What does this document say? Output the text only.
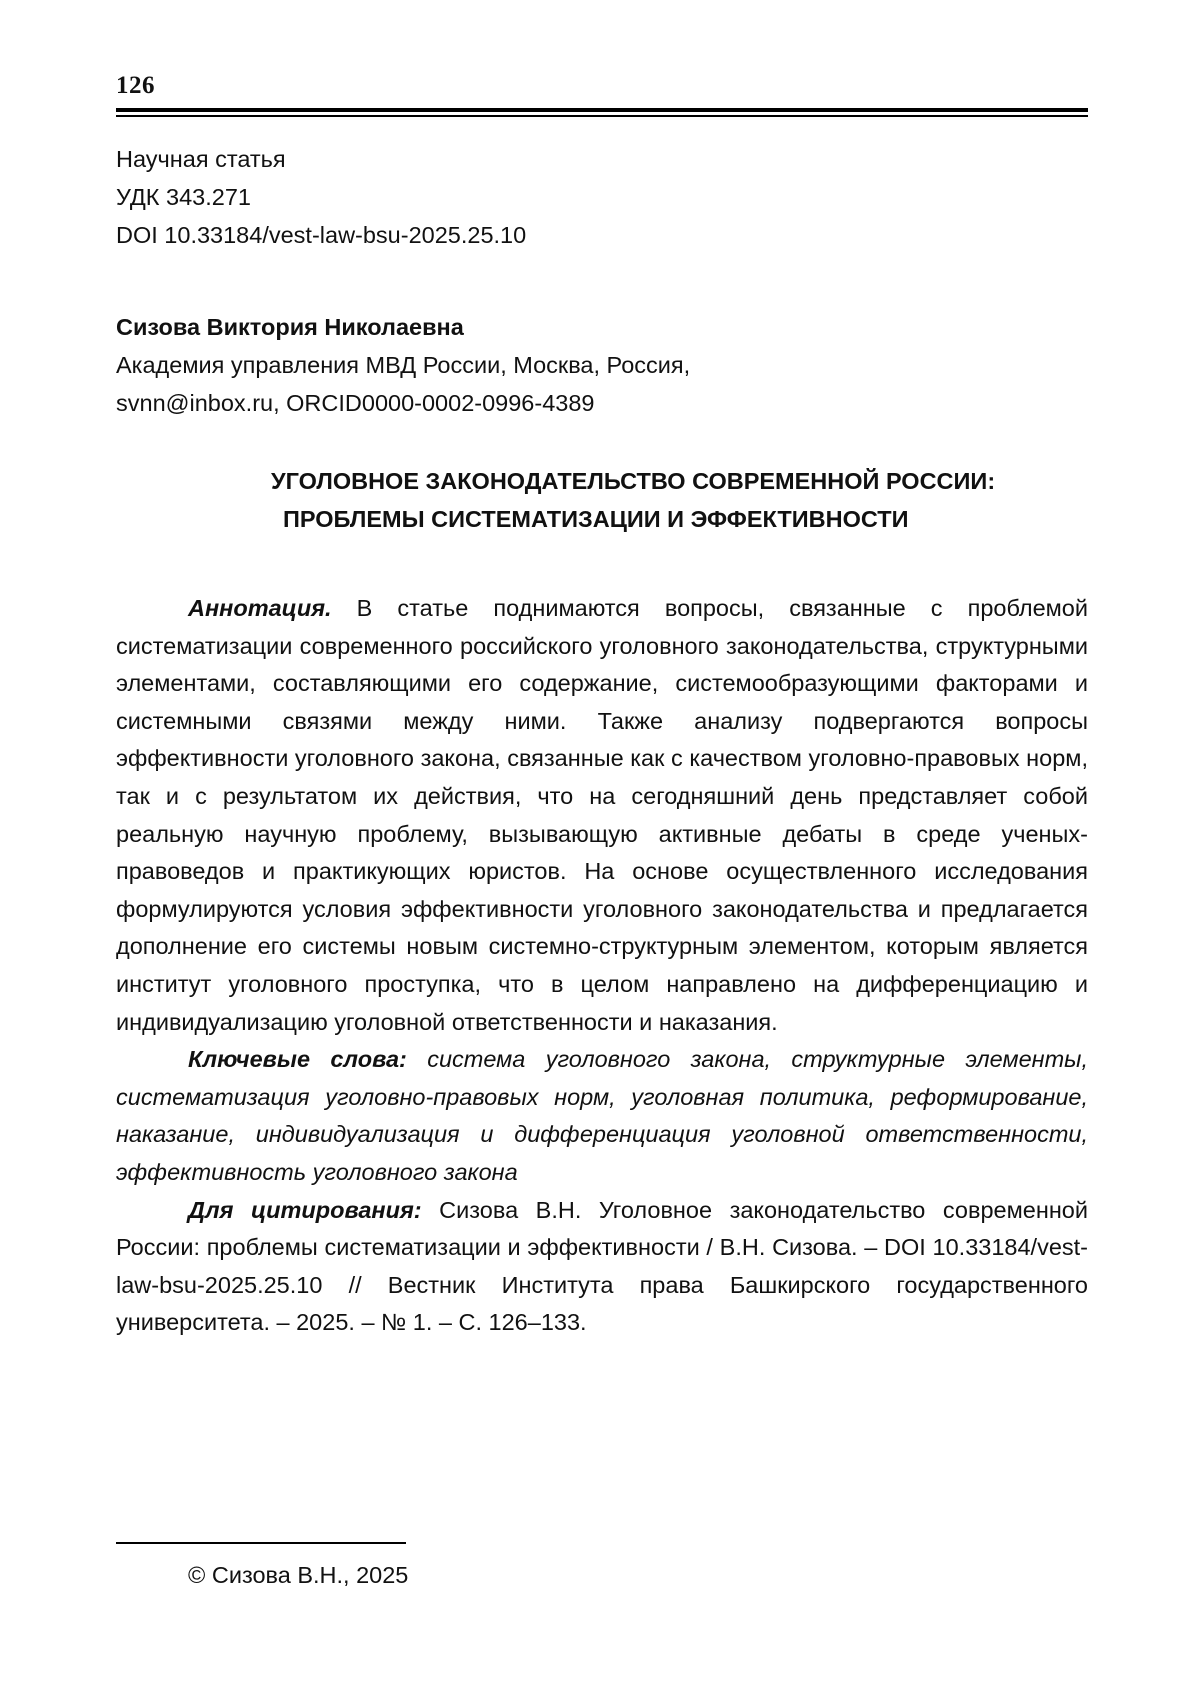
126
Научная статья
УДК 343.271
DOI 10.33184/vest-law-bsu-2025.25.10
Сизова Виктория Николаевна
Академия управления МВД России, Москва, Россия,
svnn@inbox.ru, ORCID0000-0002-0996-4389
УГОЛОВНОЕ ЗАКОНОДАТЕЛЬСТВО СОВРЕМЕННОЙ РОССИИ:
ПРОБЛЕМЫ СИСТЕМАТИЗАЦИИ И ЭФФЕКТИВНОСТИ

Аннотация. В статье поднимаются вопросы, связанные с проблемой систематизации современного российского уголовного законодательства, структурными элементами, составляющими его содержание, системообразующими факторами и системными связями между ними. Также анализу подвергаются вопросы эффективности уголовного закона, связанные как с качеством уголовно-правовых норм, так и с результатом их действия, что на сегодняшний день представляет собой реальную научную проблему, вызывающую активные дебаты в среде ученых-правоведов и практикующих юристов. На основе осуществленного исследования формулируются условия эффективности уголовного законодательства и предлагается дополнение его системы новым системно-структурным элементом, которым является институт уголовного проступка, что в целом направлено на дифференциацию и индивидуализацию уголовной ответственности и наказания.

Ключевые слова: система уголовного закона, структурные элементы, систематизация уголовно-правовых норм, уголовная политика, реформирование, наказание, индивидуализация и дифференциация уголовной ответственности, эффективность уголовного закона

Для цитирования: Сизова В.Н. Уголовное законодательство современной России: проблемы систематизации и эффективности / В.Н. Сизова. – DOI 10.33184/vest-law-bsu-2025.25.10 // Вестник Института права Башкирского государственного университета. – 2025. – № 1. – С. 126–133.

© Сизова В.Н., 2025
